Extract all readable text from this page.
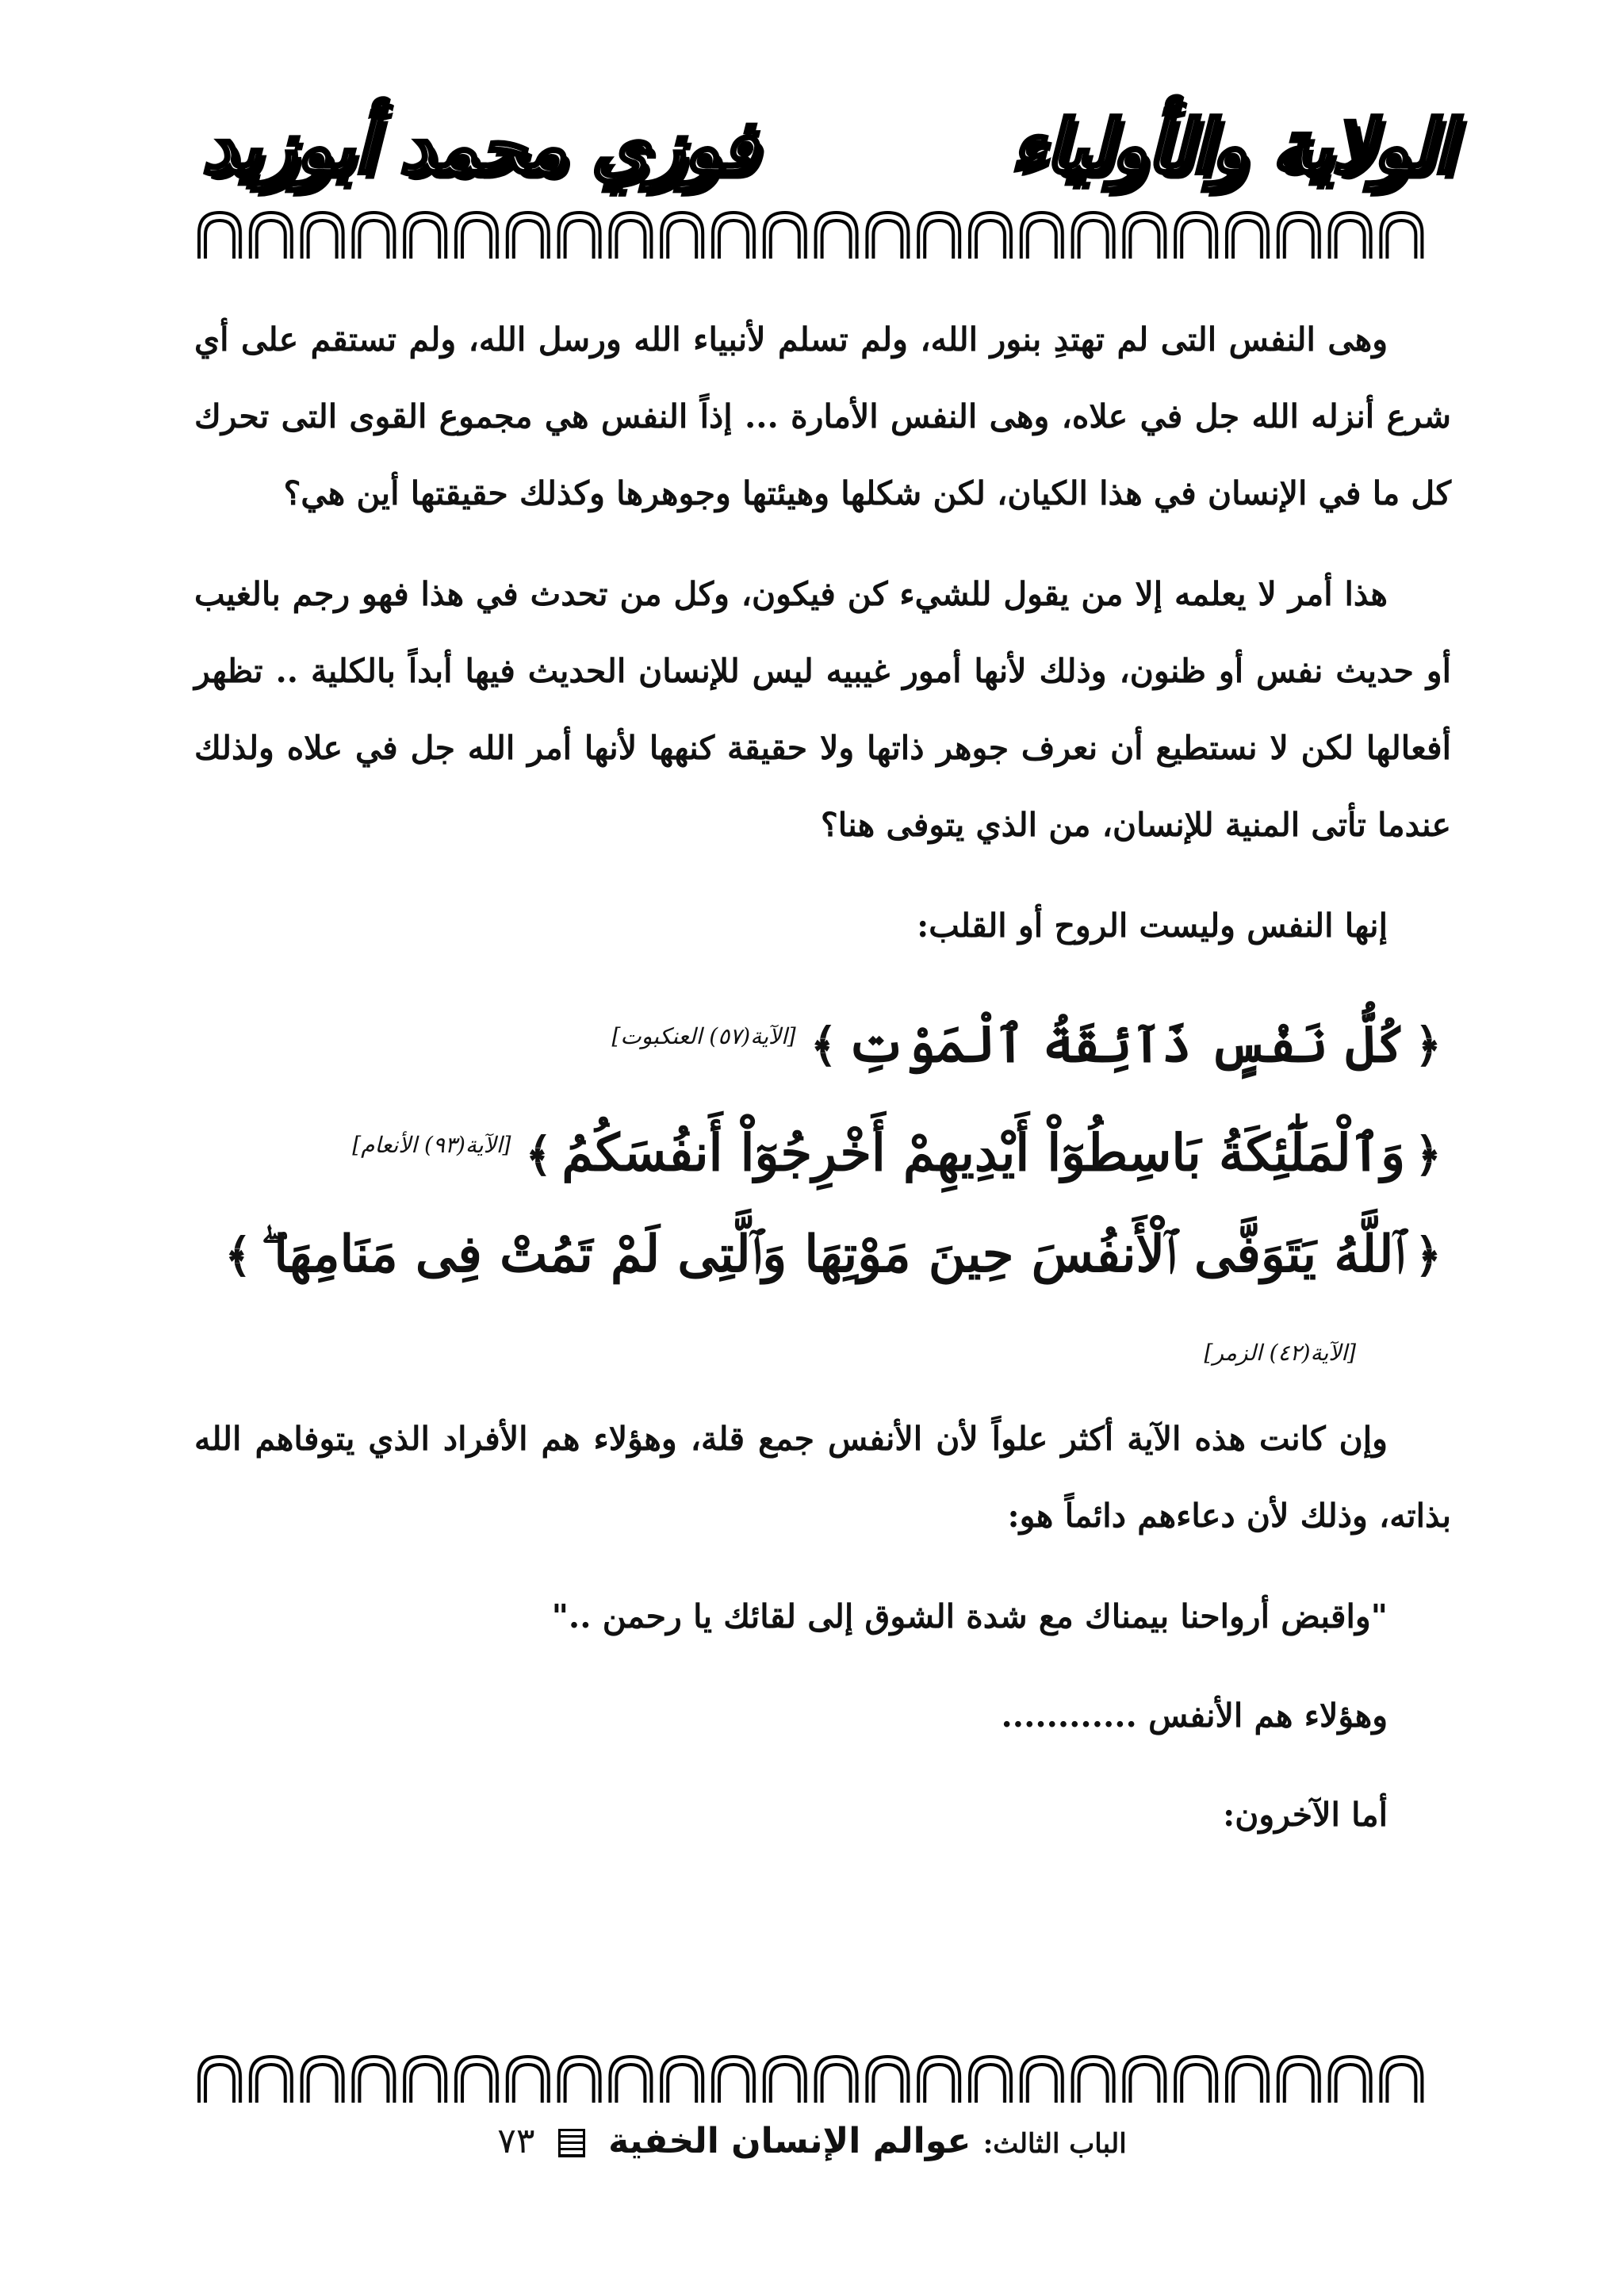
الولاية والأولياء
فوزي محمد أبوزيد

وهى النفس التى لم تهتدِ بنور الله، ولم تسلم لأنبياء الله ورسل الله، ولم تستقم على أي شرع أنزله الله جل في علاه، وهى النفس الأمارة ... إذاً النفس هي مجموع القوى التى تحرك كل ما في الإنسان في هذا الكيان، لكن شكلها وهيئتها وجوهرها وكذلك حقيقتها أين هي؟

هذا أمر لا يعلمه إلا من يقول للشيء كن فيكون، وكل من تحدث في هذا فهو رجم بالغيب أو حديث نفس أو ظنون، وذلك لأنها أمور غيبيه ليس للإنسان الحديث فيها أبداً بالكلية .. تظهر أفعالها لكن لا نستطيع أن نعرف جوهر ذاتها ولا حقيقة كنهها لأنها أمر الله جل في علاه ولذلك عندما تأتى المنية للإنسان، من الذي يتوفى هنا؟

إنها النفس وليست الروح أو القلب:

﴿كُلُّ نَفْسٍ ذَآئِقَةُ ٱلْمَوْتِ﴾[الآية(٥٧) العنكبوت]
﴿وَٱلْمَلَٰٓئِكَةُ بَاسِطُوٓاْ أَيْدِيهِمْ أَخْرِجُوٓاْ أَنفُسَكُمُ﴾[الآية(٩٣) الأنعام]
﴿ٱللَّهُ يَتَوَفَّى ٱلْأَنفُسَ حِينَ مَوْتِهَا وَٱلَّتِى لَمْ تَمُتْ فِى مَنَامِهَا ۖ﴾
[الآية(٤٢) الزمر]

وإن كانت هذه الآية أكثر علواً لأن الأنفس جمع قلة، وهؤلاء هم الأفراد الذي يتوفاهم الله بذاته، وذلك لأن دعاءهم دائماً هو:

"واقبض أرواحنا بيمناك مع شدة الشوق إلى لقائك يا رحمن .."

وهؤلاء هم الأنفس ............

أما الآخرون:

الباب الثالث: عوالم الإنسان الخفية  ٧٣
